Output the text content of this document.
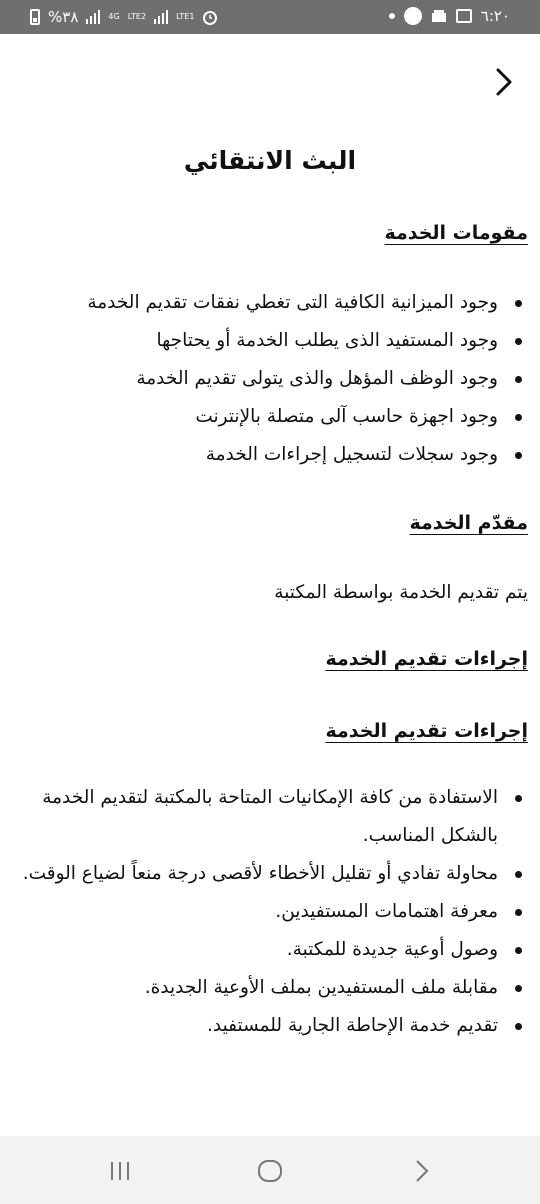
%٣٨	4G LTE2	LTE1	٦:٢٠
البث الانتقائي
مقومات الخدمة
وجود الميزانية الكافية التى تغطي نفقات تقديم الخدمة
وجود المستفيد الذى يطلب الخدمة أو يحتاجها
وجود الوظف المؤهل والذى يتولى تقديم الخدمة
وجود اجهزة حاسب آلى متصلة بالإنترنت
وجود سجلات لتسجيل إجراءات الخدمة
مقدّم الخدمة

يتم تقديم الخدمة بواسطة المكتبة

إجراءات تقديم الخدمة
إجراءات تقديم الخدمة
الاستفادة من كافة الإمكانيات المتاحة بالمكتبة لتقديم الخدمة بالشكل المناسب.
محاولة تفادي أو تقليل الأخطاء لأقصى درجة منعاً لضياع الوقت.
معرفة اهتمامات المستفيدين.
وصول أوعية جديدة للمكتبة.
مقابلة ملف المستفيدين بملف الأوعية الجديدة.
تقديم خدمة الإحاطة الجارية للمستفيد.
